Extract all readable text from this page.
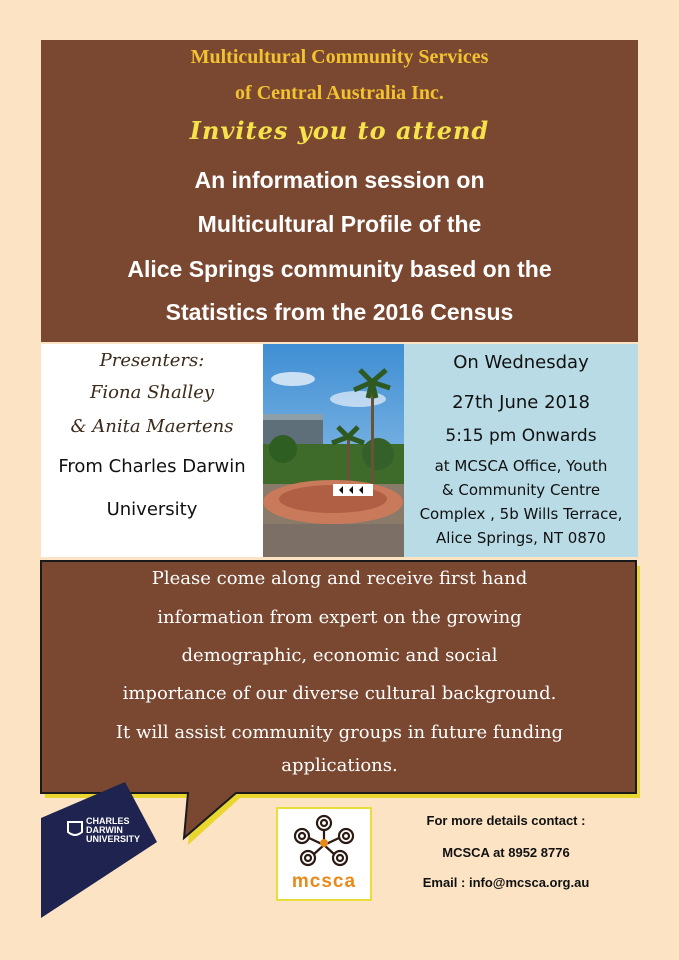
Multicultural Community Services
of Central Australia Inc.
Invites you to attend
An information session on
Multicultural Profile of the
Alice Springs community based on the
Statistics from the 2016 Census
Presenters:
Fiona Shalley
& Anita Maertens
From Charles Darwin
University
On Wednesday
27th June 2018
5:15 pm Onwards
at MCSCA Office, Youth
& Community Centre
Complex , 5b Wills Terrace,
Alice Springs, NT 0870
Please come along and receive first hand
information from expert on the growing
demographic, economic and social
importance of our diverse cultural background.
It will assist community groups in future funding
applications.
CHARLES
DARWIN
UNIVERSITY
mcsca
For more details contact :
MCSCA at 8952 8776
Email : info@mcsca.org.au
